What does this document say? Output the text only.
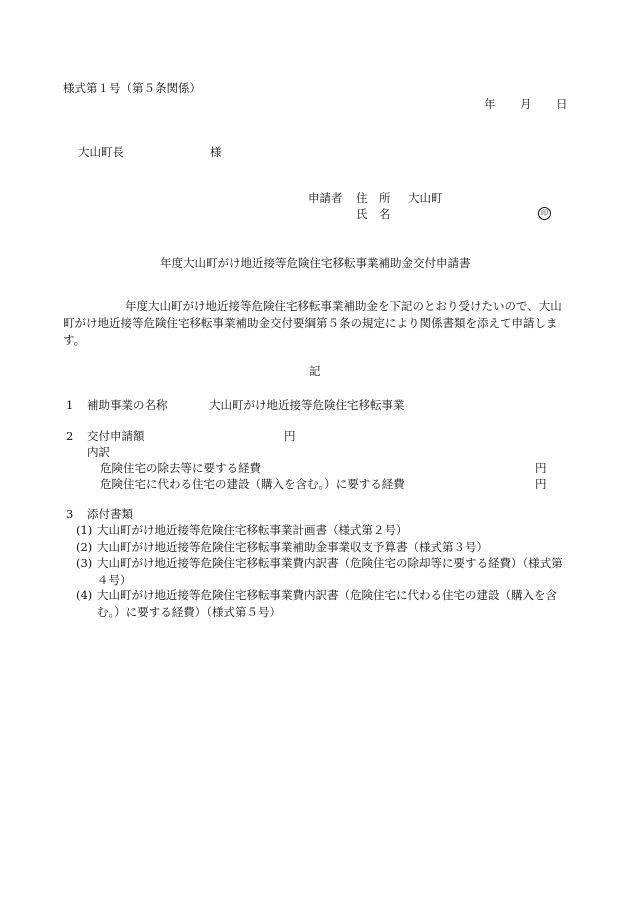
様式第１号（第５条関係）
年 月 日
大山町長	様
申請者 住　所 大山町
氏　名	印
年度大山町がけ地近接等危険住宅移転事業補助金交付申請書
年度大山町がけ地近接等危険住宅移転事業補助金を下記のとおり受けたいので、大山町がけ地近接等危険住宅移転事業補助金交付要綱第５条の規定により関係書類を添えて申請します。
記
1 補助事業の名称	大山町がけ地近接等危険住宅移転事業
2 交付申請額	円
内訳
危険住宅の除去等に要する経費	円
危険住宅に代わる住宅の建設（購入を含む。）に要する経費	円
3 添付書類
(1) 大山町がけ地近接等危険住宅移転事業計画書（様式第２号）
(2) 大山町がけ地近接等危険住宅移転事業補助金事業収支予算書（様式第３号）
(3) 大山町がけ地近接等危険住宅移転事業費内訳書（危険住宅の除却等に要する経費）（様式第４号）
(4) 大山町がけ地近接等危険住宅移転事業費内訳書（危険住宅に代わる住宅の建設（購入を含む。）に要する経費）（様式第５号）
